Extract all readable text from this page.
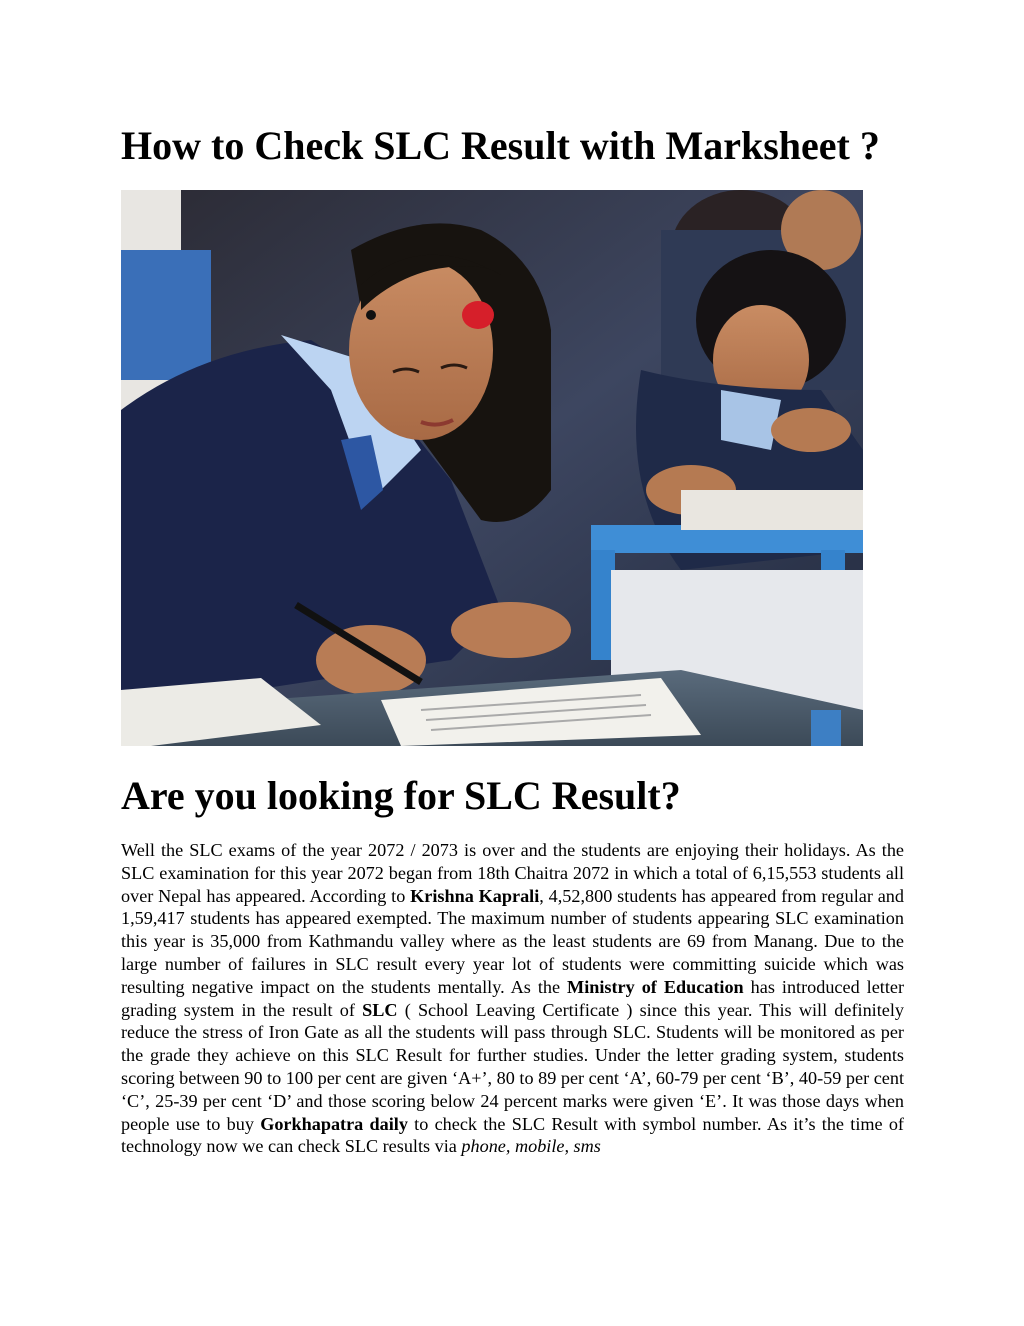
How to Check SLC Result with Marksheet ?
Are you looking for SLC Result?

Well the SLC exams of the year 2072 / 2073 is over and the students are enjoying their holidays. As the SLC examination for this year 2072 began from 18th Chaitra 2072 in which a total of 6,15,553 students all over Nepal has appeared. According to Krishna Kaprali, 4,52,800 students has appeared from regular and 1,59,417 students has appeared exempted. The maximum number of students appearing SLC examination this year is 35,000 from Kathmandu valley where as the least students are 69 from Manang. Due to the large number of failures in SLC result every year lot of students were committing suicide which was resulting negative impact on the students mentally. As the Ministry of Education has introduced letter grading system in the result of SLC ( School Leaving Certificate ) since this year. This will definitely reduce the stress of Iron Gate as all the students will pass through SLC. Students will be monitored as per the grade they achieve on this SLC Result for further studies. Under the letter grading system, students scoring between 90 to 100 per cent are given ‘A+’, 80 to 89 per cent ‘A’, 60-79 per cent ‘B’, 40-59 per cent ‘C’, 25-39 per cent ‘D’ and those scoring below 24 percent marks were given ‘E’. It was those days when people use to buy Gorkhapatra daily to check the SLC Result with symbol number. As it’s the time of technology now we can check SLC results via phone, mobile, sms
